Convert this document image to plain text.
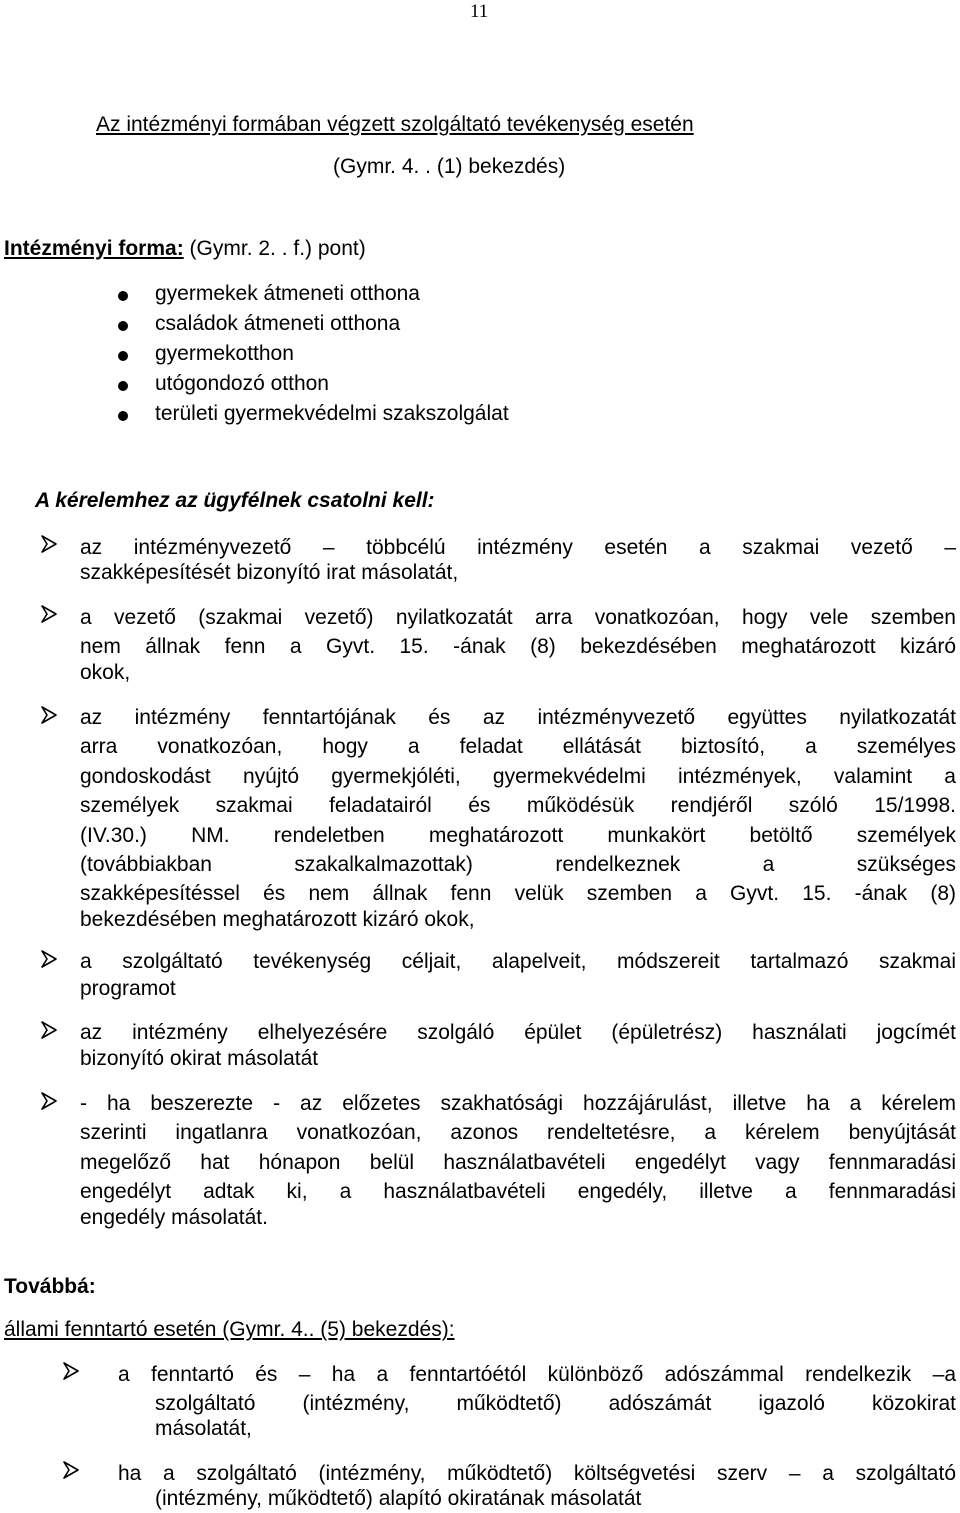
11
Az intézményi formában végzett szolgáltató tevékenység esetén
(Gymr. 4. . (1) bekezdés)
Intézményi forma: (Gymr. 2. . f.) pont)
gyermekek átmeneti otthona
családok átmeneti otthona
gyermekotthon
utógondozó otthon
területi gyermekvédelmi szakszolgálat
A kérelemhez az ügyfélnek csatolni kell:
az intézményvezető – többcélú intézmény esetén a szakmai vezető –
szakképesítését bizonyító irat másolatát,
a vezető (szakmai vezető) nyilatkozatát arra vonatkozóan, hogy vele szemben
nem állnak fenn a Gyvt. 15. -ának (8) bekezdésében meghatározott kizáró
okok,
az intézmény fenntartójának és az intézményvezető együttes nyilatkozatát
arra vonatkozóan, hogy a feladat ellátását biztosító, a személyes
gondoskodást nyújtó gyermekjóléti, gyermekvédelmi intézmények, valamint a
személyek szakmai feladatairól és működésük rendjéről szóló 15/1998.
(IV.30.) NM. rendeletben meghatározott munkakört betöltő személyek
(továbbiakban szakalkalmazottak) rendelkeznek a szükséges
szakképesítéssel és nem állnak fenn velük szemben a Gyvt. 15. -ának (8)
bekezdésében meghatározott kizáró okok,
a szolgáltató tevékenység céljait, alapelveit, módszereit tartalmazó szakmai
programot
az intézmény elhelyezésére szolgáló épület (épületrész) használati jogcímét
bizonyító okirat másolatát
- ha beszerezte - az előzetes szakhatósági hozzájárulást, illetve ha a kérelem
szerinti ingatlanra vonatkozóan, azonos rendeltetésre, a kérelem benyújtását
megelőző hat hónapon belül használatbavételi engedélyt vagy fennmaradási
engedélyt adtak ki, a használatbavételi engedély, illetve a fennmaradási
engedély másolatát.
Továbbá:
állami fenntartó esetén (Gymr. 4.. (5) bekezdés):
a fenntartó és – ha a fenntartóétól különböző adószámmal rendelkezik –a
szolgáltató (intézmény, működtető) adószámát igazoló közokirat
másolatát,
ha a szolgáltató (intézmény, működtető) költségvetési szerv – a szolgáltató
(intézmény, működtető) alapító okiratának másolatát
